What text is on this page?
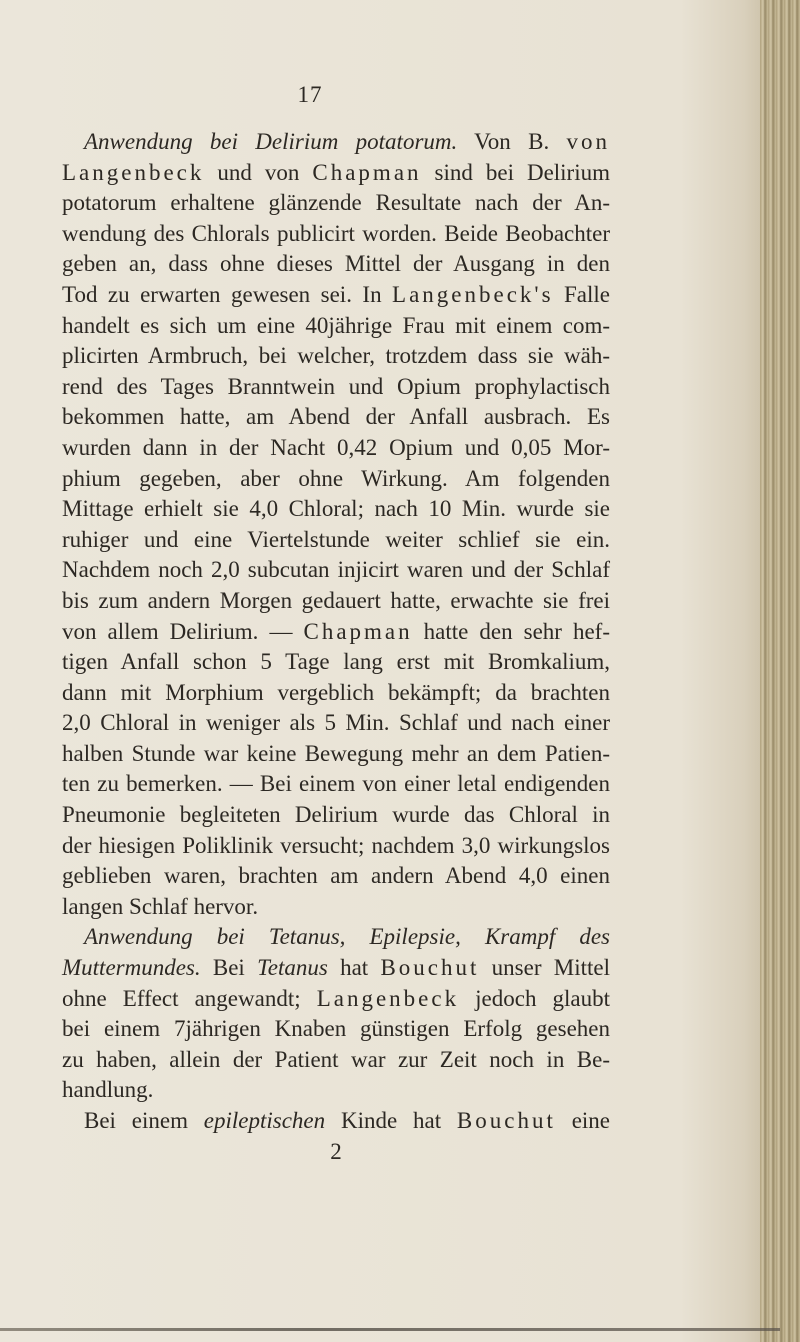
17
Anwendung bei Delirium potatorum. Von B. von
Langenbeck und von Chapman sind bei Delirium
potatorum erhaltene glänzende Resultate nach der An-
wendung des Chlorals publicirt worden. Beide Beobachter
geben an, dass ohne dieses Mittel der Ausgang in den
Tod zu erwarten gewesen sei. In Langenbeck's Falle
handelt es sich um eine 40jährige Frau mit einem com-
plicirten Armbruch, bei welcher, trotzdem dass sie wäh-
rend des Tages Branntwein und Opium prophylactisch
bekommen hatte, am Abend der Anfall ausbrach. Es
wurden dann in der Nacht 0,42 Opium und 0,05 Mor-
phium gegeben, aber ohne Wirkung. Am folgenden
Mittage erhielt sie 4,0 Chloral; nach 10 Min. wurde sie
ruhiger und eine Viertelstunde weiter schlief sie ein.
Nachdem noch 2,0 subcutan injicirt waren und der Schlaf
bis zum andern Morgen gedauert hatte, erwachte sie frei
von allem Delirium. — Chapman hatte den sehr hef-
tigen Anfall schon 5 Tage lang erst mit Bromkalium,
dann mit Morphium vergeblich bekämpft; da brachten
2,0 Chloral in weniger als 5 Min. Schlaf und nach einer
halben Stunde war keine Bewegung mehr an dem Patien-
ten zu bemerken. — Bei einem von einer letal endigenden
Pneumonie begleiteten Delirium wurde das Chloral in
der hiesigen Poliklinik versucht; nachdem 3,0 wirkungslos
geblieben waren, brachten am andern Abend 4,0 einen
langen Schlaf hervor.
Anwendung bei Tetanus, Epilepsie, Krampf des
Muttermundes. Bei Tetanus hat Bouchut unser Mittel
ohne Effect angewandt; Langenbeck jedoch glaubt
bei einem 7jährigen Knaben günstigen Erfolg gesehen
zu haben, allein der Patient war zur Zeit noch in Be-
handlung.
Bei einem epileptischen Kinde hat Bouchut eine
2
